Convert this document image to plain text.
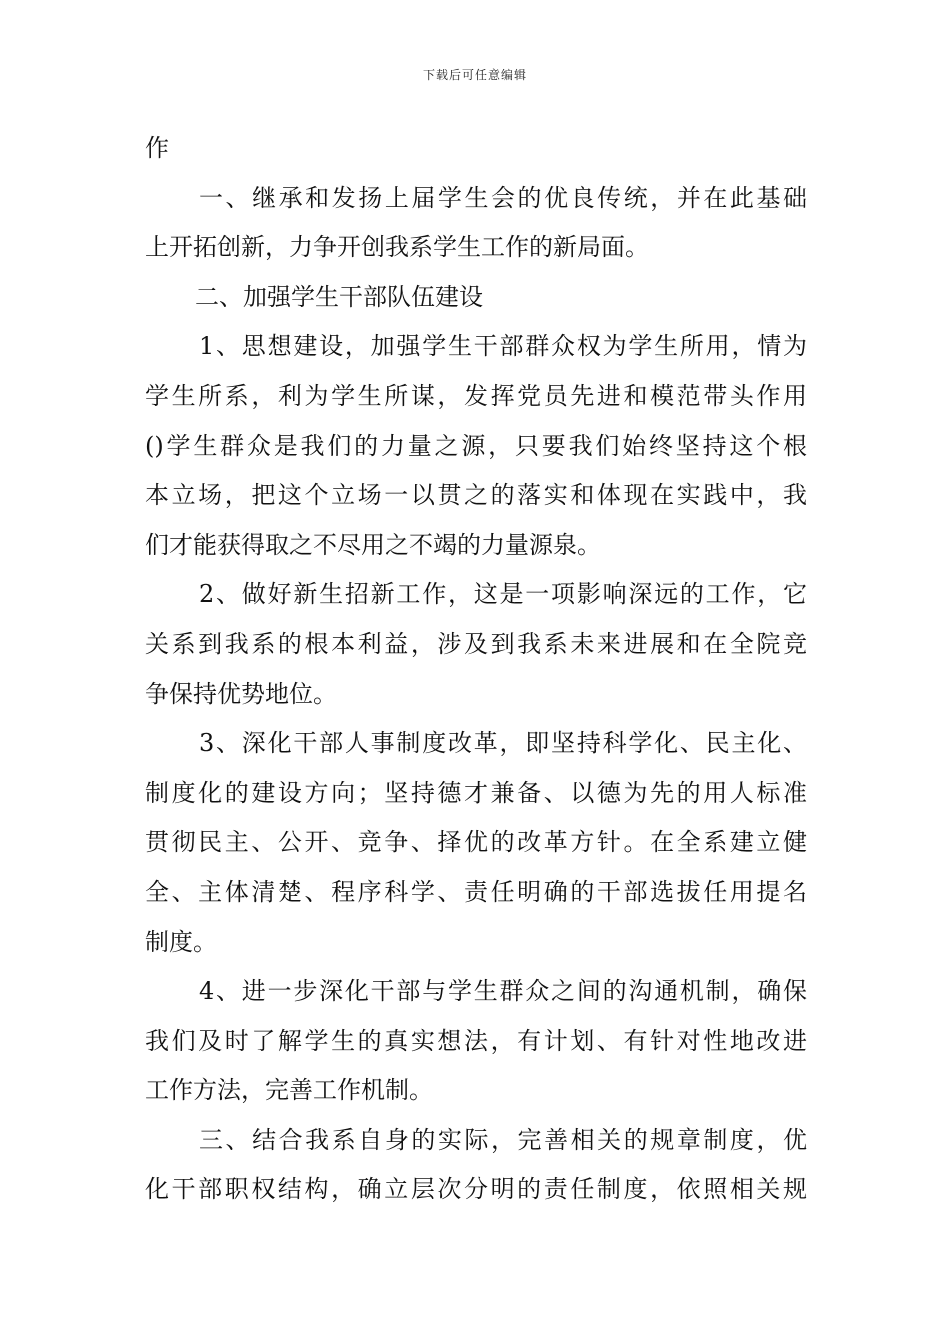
下载后可任意编辑
作
一、继承和发扬上届学生会的优良传统，并在此基础
上开拓创新，力争开创我系学生工作的新局面。
二、加强学生干部队伍建设
1、思想建设，加强学生干部群众权为学生所用，情为
学生所系，利为学生所谋，发挥党员先进和模范带头作用
()学生群众是我们的力量之源，只要我们始终坚持这个根
本立场，把这个立场一以贯之的落实和体现在实践中，我
们才能获得取之不尽用之不竭的力量源泉。
2、做好新生招新工作，这是一项影响深远的工作，它
关系到我系的根本利益，涉及到我系未来进展和在全院竞
争保持优势地位。
3、深化干部人事制度改革，即坚持科学化、民主化、
制度化的建设方向；坚持德才兼备、以德为先的用人标准
贯彻民主、公开、竞争、择优的改革方针。在全系建立健
全、主体清楚、程序科学、责任明确的干部选拔任用提名
制度。
4、进一步深化干部与学生群众之间的沟通机制，确保
我们及时了解学生的真实想法，有计划、有针对性地改进
工作方法，完善工作机制。
三、结合我系自身的实际，完善相关的规章制度，优
化干部职权结构，确立层次分明的责任制度，依照相关规
